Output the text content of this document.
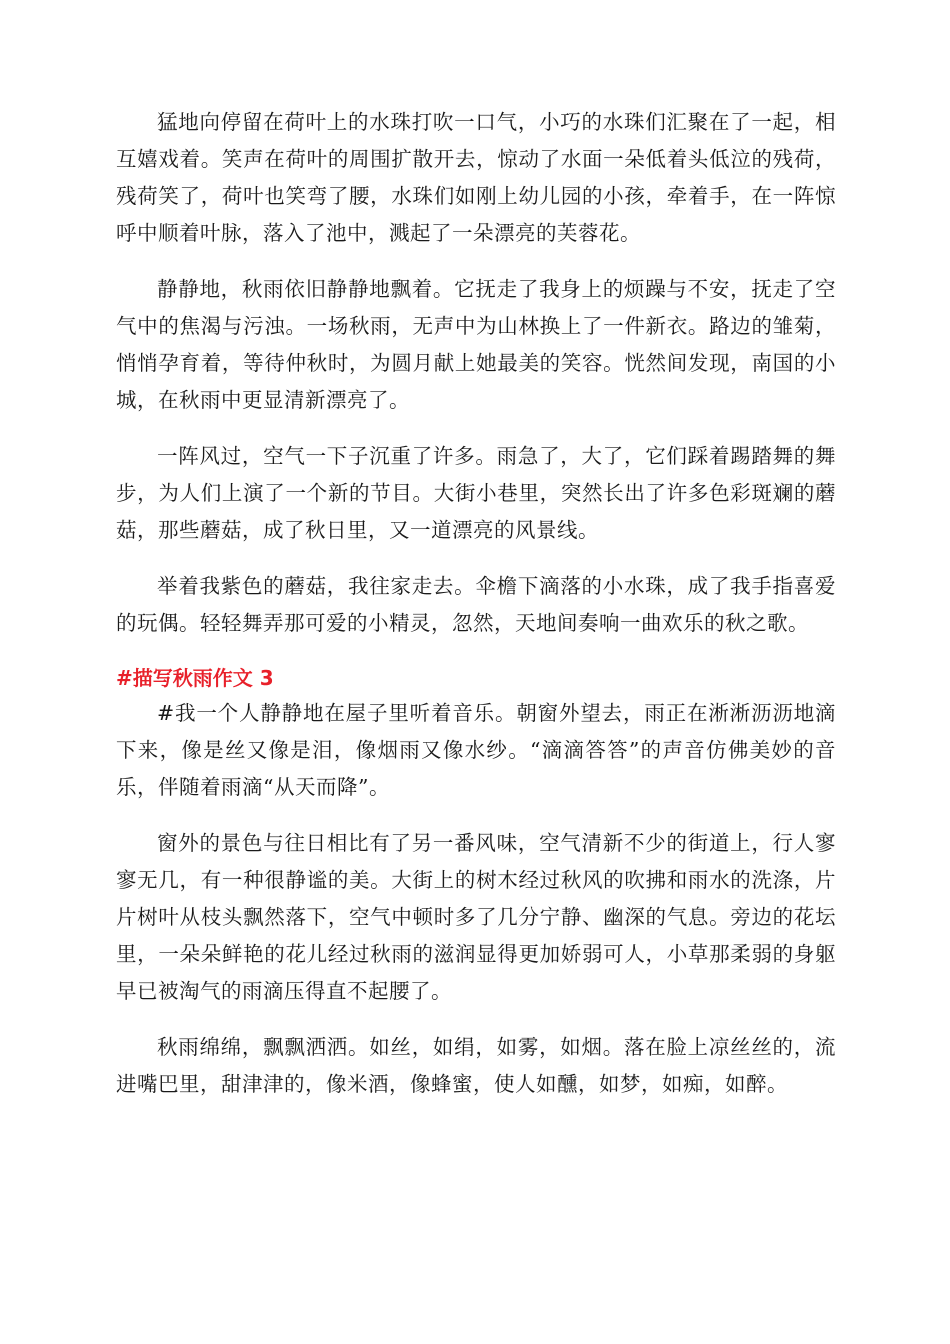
猛地向停留在荷叶上的水珠打吹一口气，小巧的水珠们汇聚在了一起，相互嬉戏着。笑声在荷叶的周围扩散开去，惊动了水面一朵低着头低泣的残荷，残荷笑了，荷叶也笑弯了腰，水珠们如刚上幼儿园的小孩，牵着手，在一阵惊呼中顺着叶脉，落入了池中，溅起了一朵漂亮的芙蓉花。

静静地，秋雨依旧静静地飘着。它抚走了我身上的烦躁与不安，抚走了空气中的焦渴与污浊。一场秋雨，无声中为山林换上了一件新衣。路边的雏菊，悄悄孕育着，等待仲秋时，为圆月献上她最美的笑容。恍然间发现，南国的小城，在秋雨中更显清新漂亮了。

一阵风过，空气一下子沉重了许多。雨急了，大了，它们踩着踢踏舞的舞步，为人们上演了一个新的节目。大街小巷里，突然长出了许多色彩斑斓的蘑菇，那些蘑菇，成了秋日里，又一道漂亮的风景线。

举着我紫色的蘑菇，我往家走去。伞檐下滴落的小水珠，成了我手指喜爱的玩偶。轻轻舞弄那可爱的小精灵，忽然，天地间奏响一曲欢乐的秋之歌。

#描写秋雨作文 3

#我一个人静静地在屋子里听着音乐。朝窗外望去，雨正在淅淅沥沥地滴下来，像是丝又像是泪，像烟雨又像水纱。“滴滴答答”的声音仿佛美妙的音乐，伴随着雨滴“从天而降”。

窗外的景色与往日相比有了另一番风味，空气清新不少的街道上，行人寥寥无几，有一种很静谧的美。大街上的树木经过秋风的吹拂和雨水的洗涤，片片树叶从枝头飘然落下，空气中顿时多了几分宁静、幽深的气息。旁边的花坛里，一朵朵鲜艳的花儿经过秋雨的滋润显得更加娇弱可人，小草那柔弱的身躯早已被淘气的雨滴压得直不起腰了。

秋雨绵绵，飘飘洒洒。如丝，如绢，如雾，如烟。落在脸上凉丝丝的，流进嘴巴里，甜津津的，像米酒，像蜂蜜，使人如醺，如梦，如痴，如醉。
